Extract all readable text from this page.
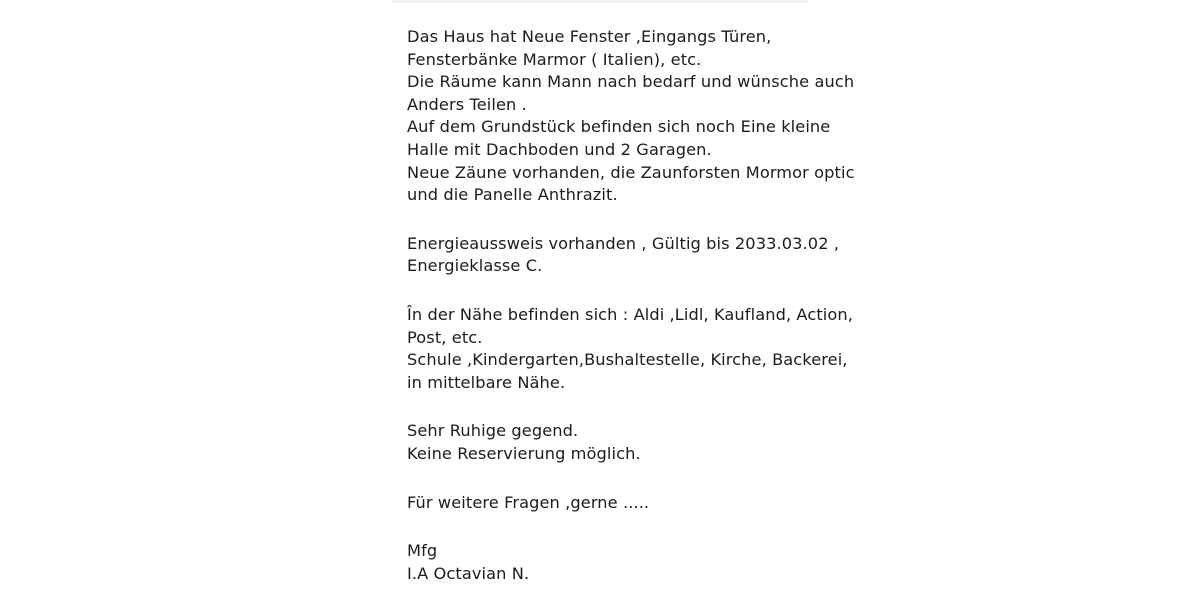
Das Haus hat Neue Fenster ,Eingangs Türen,
Fensterbänke Marmor ( Italien), etc.
Die Räume kann Mann nach bedarf und wünsche auch
Anders Teilen .
Auf dem Grundstück befinden sich noch Eine kleine
Halle mit Dachboden und 2 Garagen.
Neue Zäune vorhanden, die Zaunforsten Mormor optic
und die Panelle Anthrazit.

Energieaussweis vorhanden , Gültig bis 2033.03.02 ,
Energieklasse C.

În der Nähe befinden sich : Aldi ,Lidl, Kaufland, Action,
Post, etc.
Schule ,Kindergarten,Bushaltestelle, Kirche, Backerei,
in mittelbare Nähe.

Sehr Ruhige gegend.
Keine Reservierung möglich.

Für weitere Fragen ,gerne .....

Mfg
I.A Octavian N.
